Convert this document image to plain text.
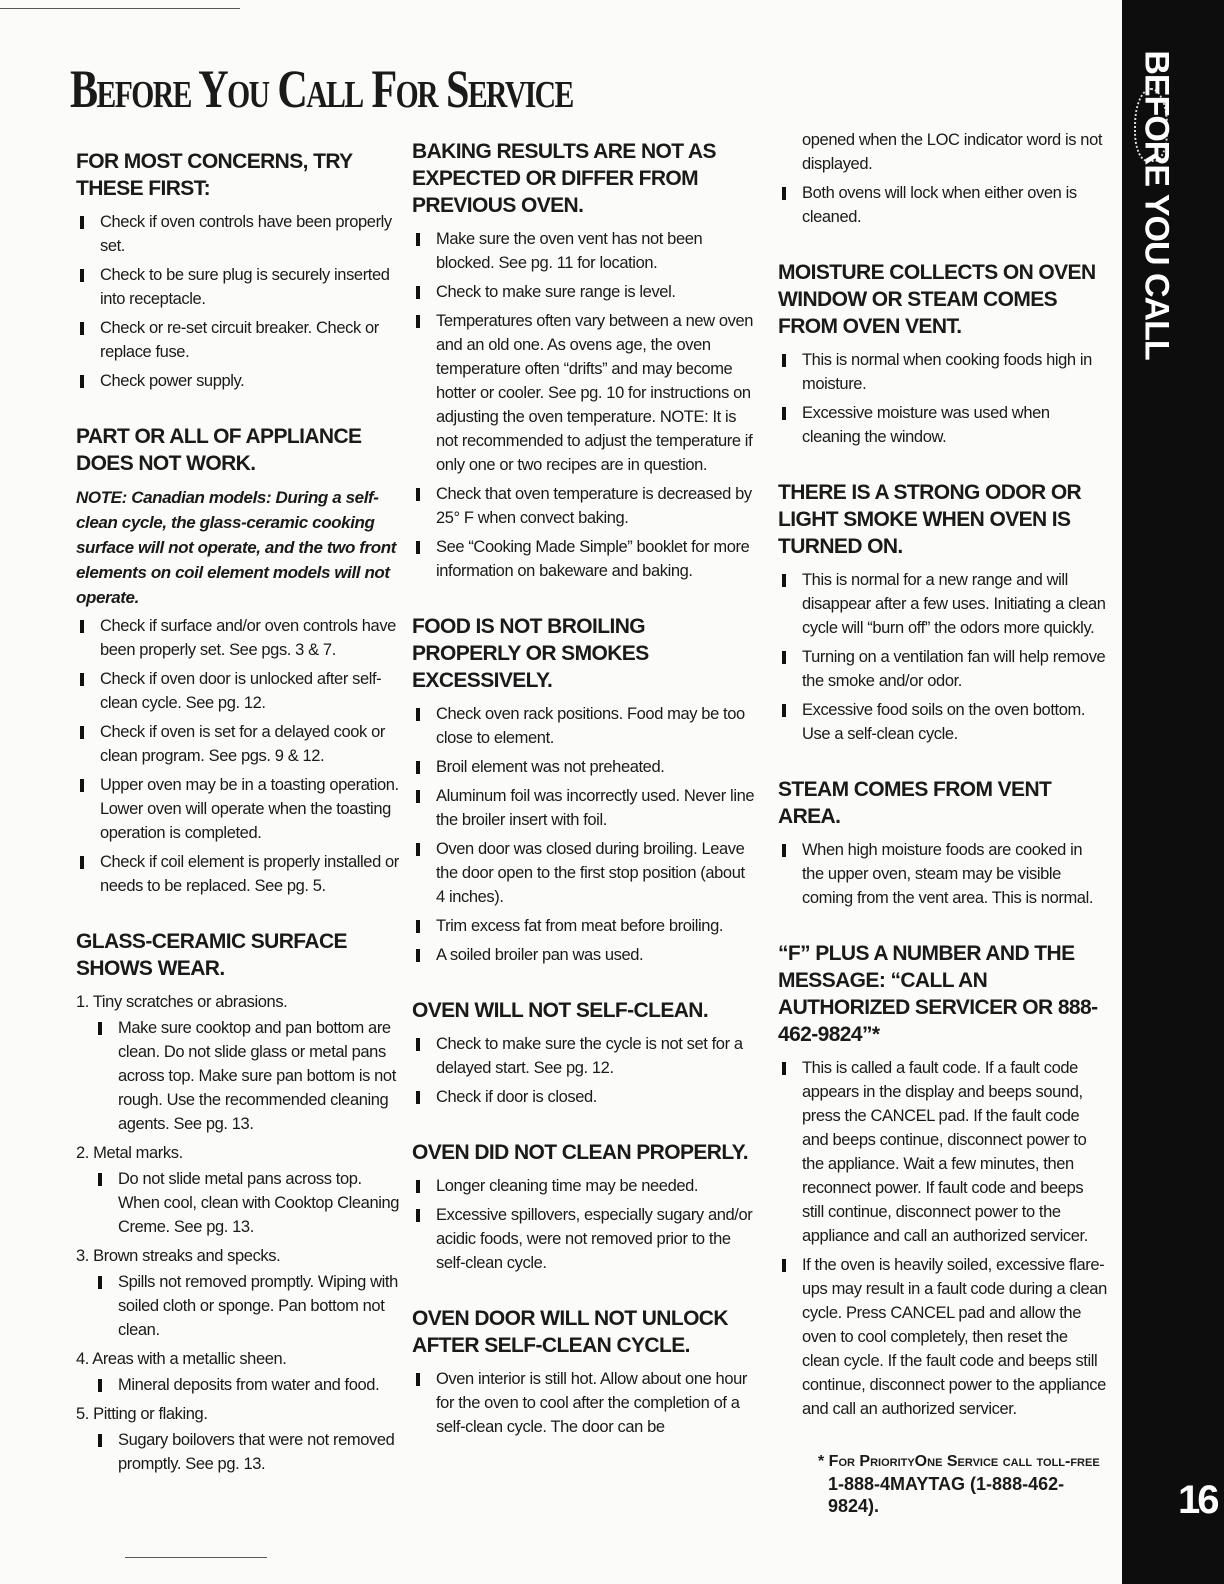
Before You Call For Service
FOR MOST CONCERNS, TRY THESE FIRST:
Check if oven controls have been properly set.
Check to be sure plug is securely inserted into receptacle.
Check or re-set circuit breaker. Check or replace fuse.
Check power supply.
PART OR ALL OF APPLIANCE DOES NOT WORK.

NOTE: Canadian models: During a self-clean cycle, the glass-ceramic cooking surface will not operate, and the two front elements on coil element models will not operate.

Check if surface and/or oven controls have been properly set. See pgs. 3 & 7.
Check if oven door is unlocked after self-clean cycle. See pg. 12.
Check if oven is set for a delayed cook or clean program. See pgs. 9 & 12.
Upper oven may be in a toasting operation. Lower oven will operate when the toasting operation is completed.
Check if coil element is properly installed or needs to be replaced. See pg. 5.
GLASS-CERAMIC SURFACE SHOWS WEAR.
1. Tiny scratches or abrasions.
Make sure cooktop and pan bottom are clean. Do not slide glass or metal pans across top. Make sure pan bottom is not rough. Use the recommended cleaning agents. See pg. 13.
2. Metal marks.
Do not slide metal pans across top. When cool, clean with Cooktop Cleaning Creme. See pg. 13.
3. Brown streaks and specks.
Spills not removed promptly. Wiping with soiled cloth or sponge. Pan bottom not clean.
4. Areas with a metallic sheen.
Mineral deposits from water and food.
5. Pitting or flaking.
Sugary boilovers that were not removed promptly. See pg. 13.
BAKING RESULTS ARE NOT AS EXPECTED OR DIFFER FROM PREVIOUS OVEN.
Make sure the oven vent has not been blocked. See pg. 11 for location.
Check to make sure range is level.
Temperatures often vary between a new oven and an old one. As ovens age, the oven temperature often “drifts” and may become hotter or cooler. See pg. 10 for instructions on adjusting the oven temperature. NOTE: It is not recommended to adjust the temperature if only one or two recipes are in question.
Check that oven temperature is decreased by 25° F when convect baking.
See “Cooking Made Simple” booklet for more information on bakeware and baking.
FOOD IS NOT BROILING PROPERLY OR SMOKES EXCESSIVELY.
Check oven rack positions. Food may be too close to element.
Broil element was not preheated.
Aluminum foil was incorrectly used. Never line the broiler insert with foil.
Oven door was closed during broiling. Leave the door open to the first stop position (about 4 inches).
Trim excess fat from meat before broiling.
A soiled broiler pan was used.
OVEN WILL NOT SELF-CLEAN.
Check to make sure the cycle is not set for a delayed start. See pg. 12.
Check if door is closed.
OVEN DID NOT CLEAN PROPERLY.
Longer cleaning time may be needed.
Excessive spillovers, especially sugary and/or acidic foods, were not removed prior to the self-clean cycle.
OVEN DOOR WILL NOT UNLOCK AFTER SELF-CLEAN CYCLE.
Oven interior is still hot. Allow about one hour for the oven to cool after the completion of a self-clean cycle. The door can be
opened when the LOC indicator word is not displayed.
Both ovens will lock when either oven is cleaned.
MOISTURE COLLECTS ON OVEN WINDOW OR STEAM COMES FROM OVEN VENT.
This is normal when cooking foods high in moisture.
Excessive moisture was used when cleaning the window.
THERE IS A STRONG ODOR OR LIGHT SMOKE WHEN OVEN IS TURNED ON.
This is normal for a new range and will disappear after a few uses. Initiating a clean cycle will “burn off” the odors more quickly.
Turning on a ventilation fan will help remove the smoke and/or odor.
Excessive food soils on the oven bottom. Use a self-clean cycle.
STEAM COMES FROM VENT AREA.
When high moisture foods are cooked in the upper oven, steam may be visible coming from the vent area. This is normal.
“F” PLUS A NUMBER AND THE MESSAGE: “CALL AN AUTHORIZED SERVICER OR 888-462-9824”*
This is called a fault code. If a fault code appears in the display and beeps sound, press the CANCEL pad. If the fault code and beeps continue, disconnect power to the appliance. Wait a few minutes, then reconnect power. If fault code and beeps still continue, disconnect power to the appliance and call an authorized servicer.
If the oven is heavily soiled, excessive flare-ups may result in a fault code during a clean cycle. Press CANCEL pad and allow the oven to cool completely, then reset the clean cycle. If the fault code and beeps still continue, disconnect power to the appliance and call an authorized servicer.
* For PriorityOne Service call toll-free
1-888-4MAYTAG (1-888-462-9824).
BEFORE YOU CALL
16
